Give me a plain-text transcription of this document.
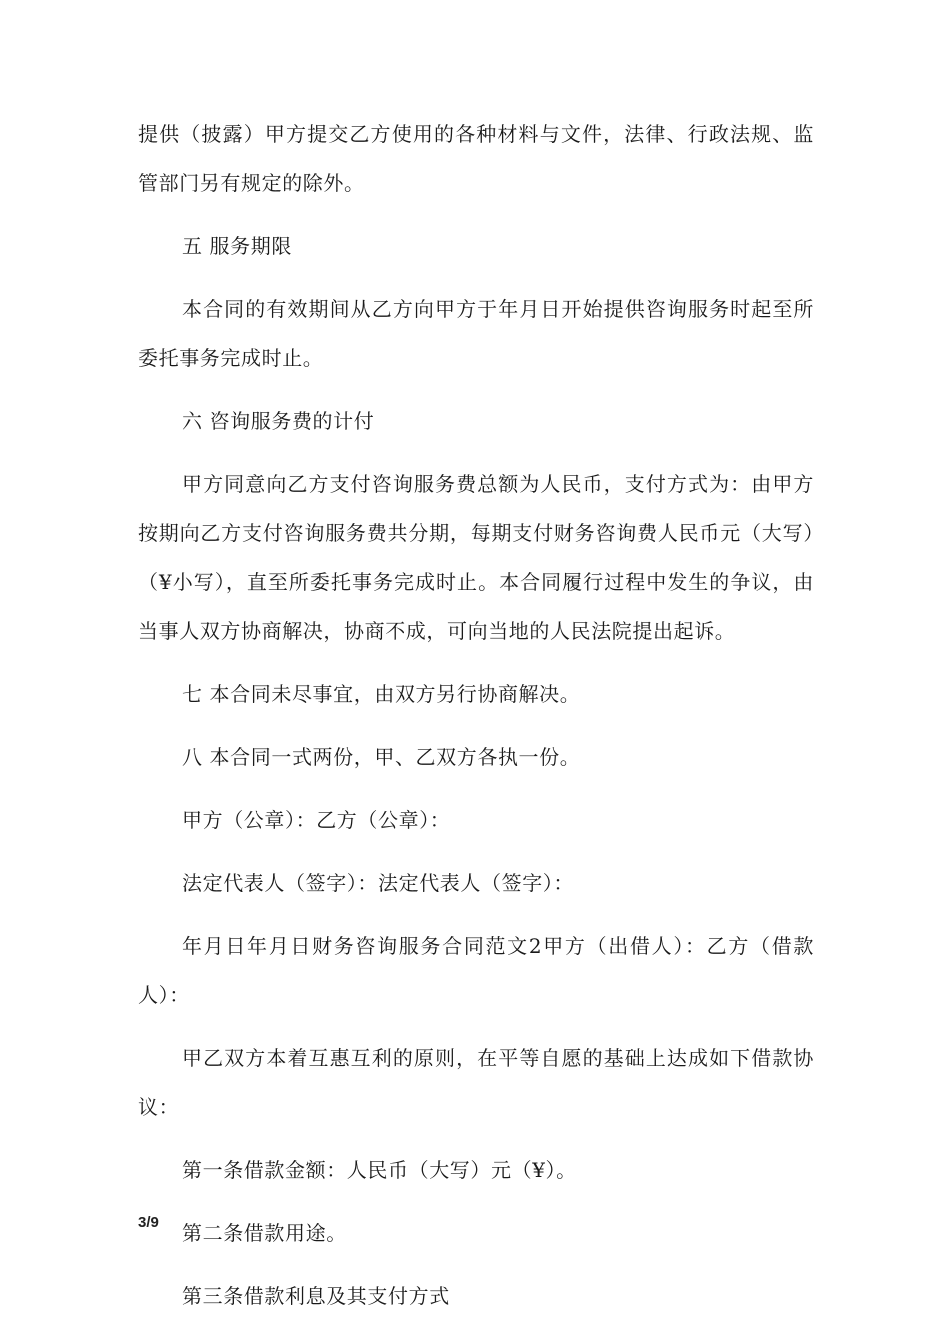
提供（披露）甲方提交乙方使用的各种材料与文件，法律、行政法规、监管部门另有规定的除外。

五 服务期限

本合同的有效期间从乙方向甲方于年月日开始提供咨询服务时起至所委托事务完成时止。

六 咨询服务费的计付

甲方同意向乙方支付咨询服务费总额为人民币，支付方式为：由甲方按期向乙方支付咨询服务费共分期，每期支付财务咨询费人民币元（大写）（¥小写），直至所委托事务完成时止。本合同履行过程中发生的争议，由当事人双方协商解决，协商不成，可向当地的人民法院提出起诉。

七 本合同未尽事宜，由双方另行协商解决。

八 本合同一式两份，甲、乙双方各执一份。

甲方（公章）：乙方（公章）：

法定代表人（签字）：法定代表人（签字）：

年月日年月日财务咨询服务合同范文2甲方（出借人）：乙方（借款人）：

甲乙双方本着互惠互利的原则，在平等自愿的基础上达成如下借款协议：

第一条借款金额：人民币（大写）元（¥）。

第二条借款用途。

第三条借款利息及其支付方式

3/9
